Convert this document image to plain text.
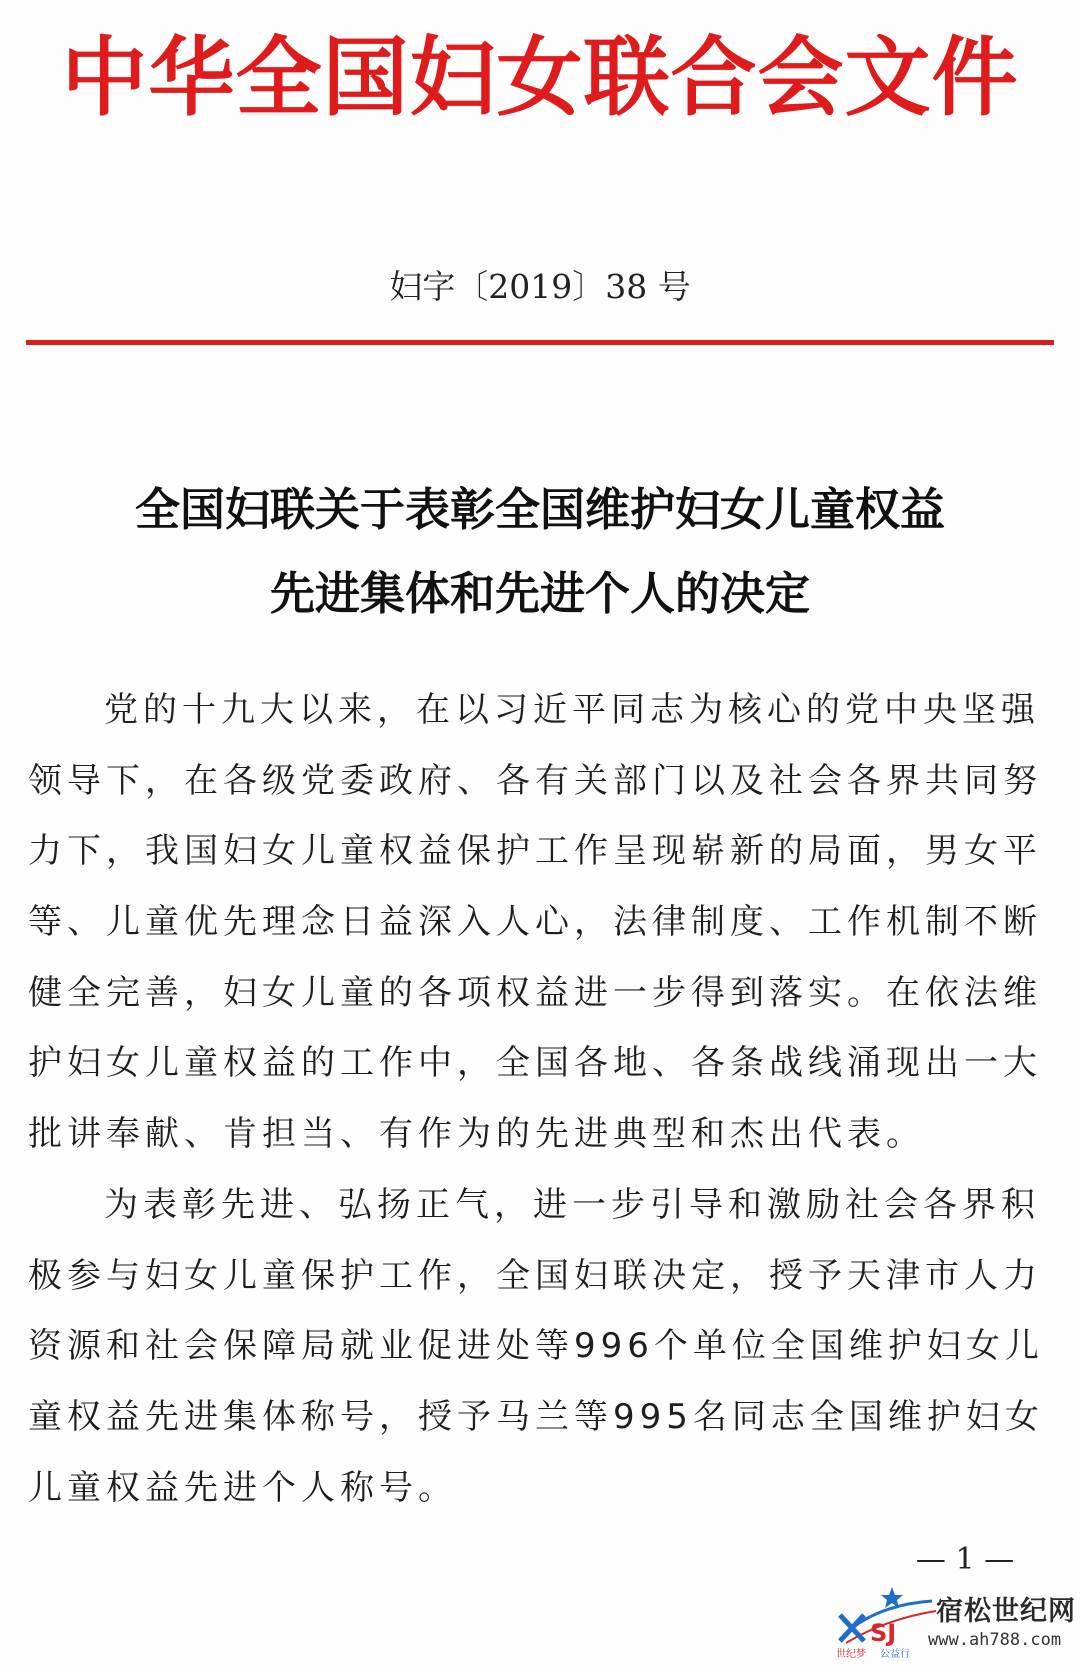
中华全国妇女联合会文件
妇字〔2019〕38 号
全国妇联关于表彰全国维护妇女儿童权益
先进集体和先进个人的决定
党的十九大以来，在以习近平同志为核心的党中央坚强
领导下，在各级党委政府、各有关部门以及社会各界共同努
力下，我国妇女儿童权益保护工作呈现崭新的局面，男女平
等、儿童优先理念日益深入人心，法律制度、工作机制不断
健全完善，妇女儿童的各项权益进一步得到落实。在依法维
护妇女儿童权益的工作中，全国各地、各条战线涌现出一大
批讲奉献、肯担当、有作为的先进典型和杰出代表。
为表彰先进、弘扬正气，进一步引导和激励社会各界积
极参与妇女儿童保护工作，全国妇联决定，授予天津市人力
资源和社会保障局就业促进处等996个单位全国维护妇女儿
童权益先进集体称号，授予马兰等995名同志全国维护妇女
儿童权益先进个人称号。
— 1 —
SJ
宿松世纪网
www.ah788.com
世纪梦 公益行
